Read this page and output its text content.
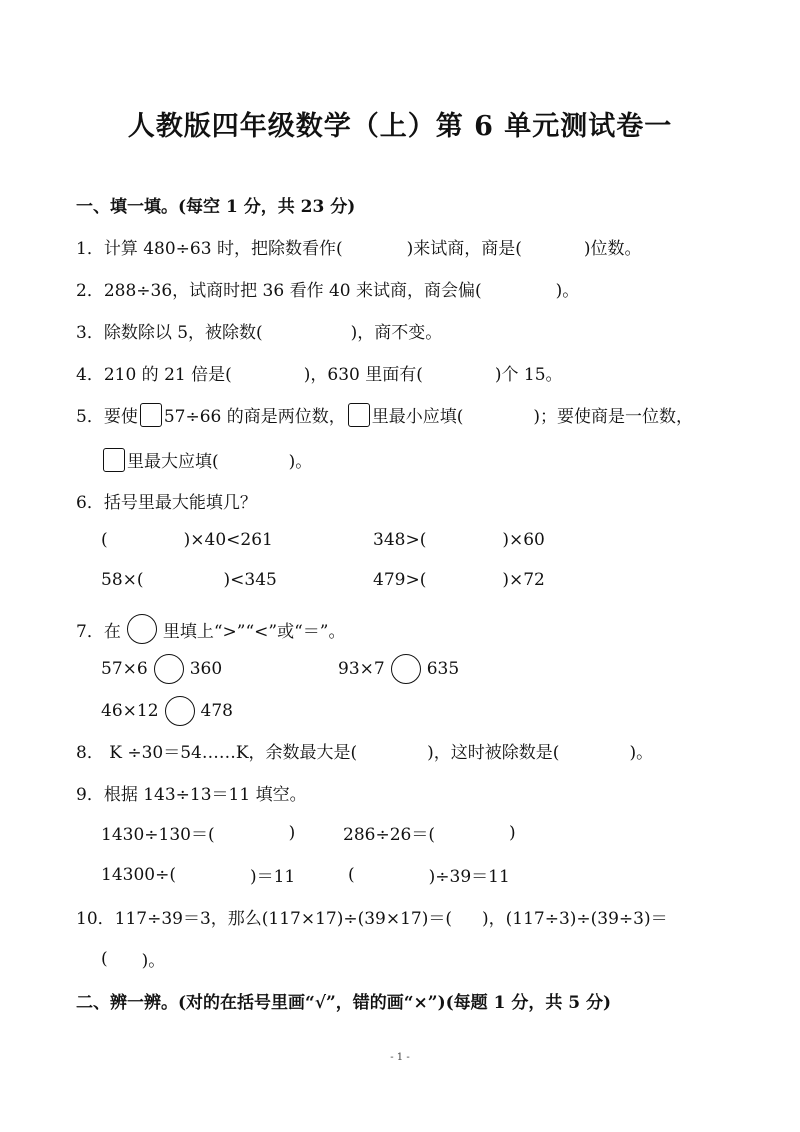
人教版四年级数学（上）第 6 单元测试卷一
一、填一填。(每空 1 分，共 23 分)
1．计算 480÷63 时，把除数看作(	)来试商，商是(	)位数。
2．288÷36，试商时把 36 看作 40 来试商，商会偏(	)。
3．除数除以 5，被除数(	)，商不变。
4．210 的 21 倍是(	)，630 里面有(	)个 15。
5．要使 57÷66 的商是两位数， 里最小应填(	)；要使商是一位数，
里最大应填(	)。
6．括号里最大能填几？
(	)×40<261	348>(	)×60
58×(	)<345	479>(	)×72
7．在 里填上“>”“<”或“＝”。
57×6 360	93×7 635
46×12 478
8． K ÷30＝54……K，余数最大是(	)，这时被除数是(	)。
9．根据 143÷13＝11 填空。
1430÷130＝(	)	286÷26＝(	)
14300÷(	)＝11	(	)÷39＝11
10．117÷39＝3，那么(117×17)÷(39×17)＝( )，(117÷3)÷(39÷3)＝
( )。
二、辨一辨。(对的在括号里画“√”，错的画“×”)(每题 1 分，共 5 分)
- 1 -
